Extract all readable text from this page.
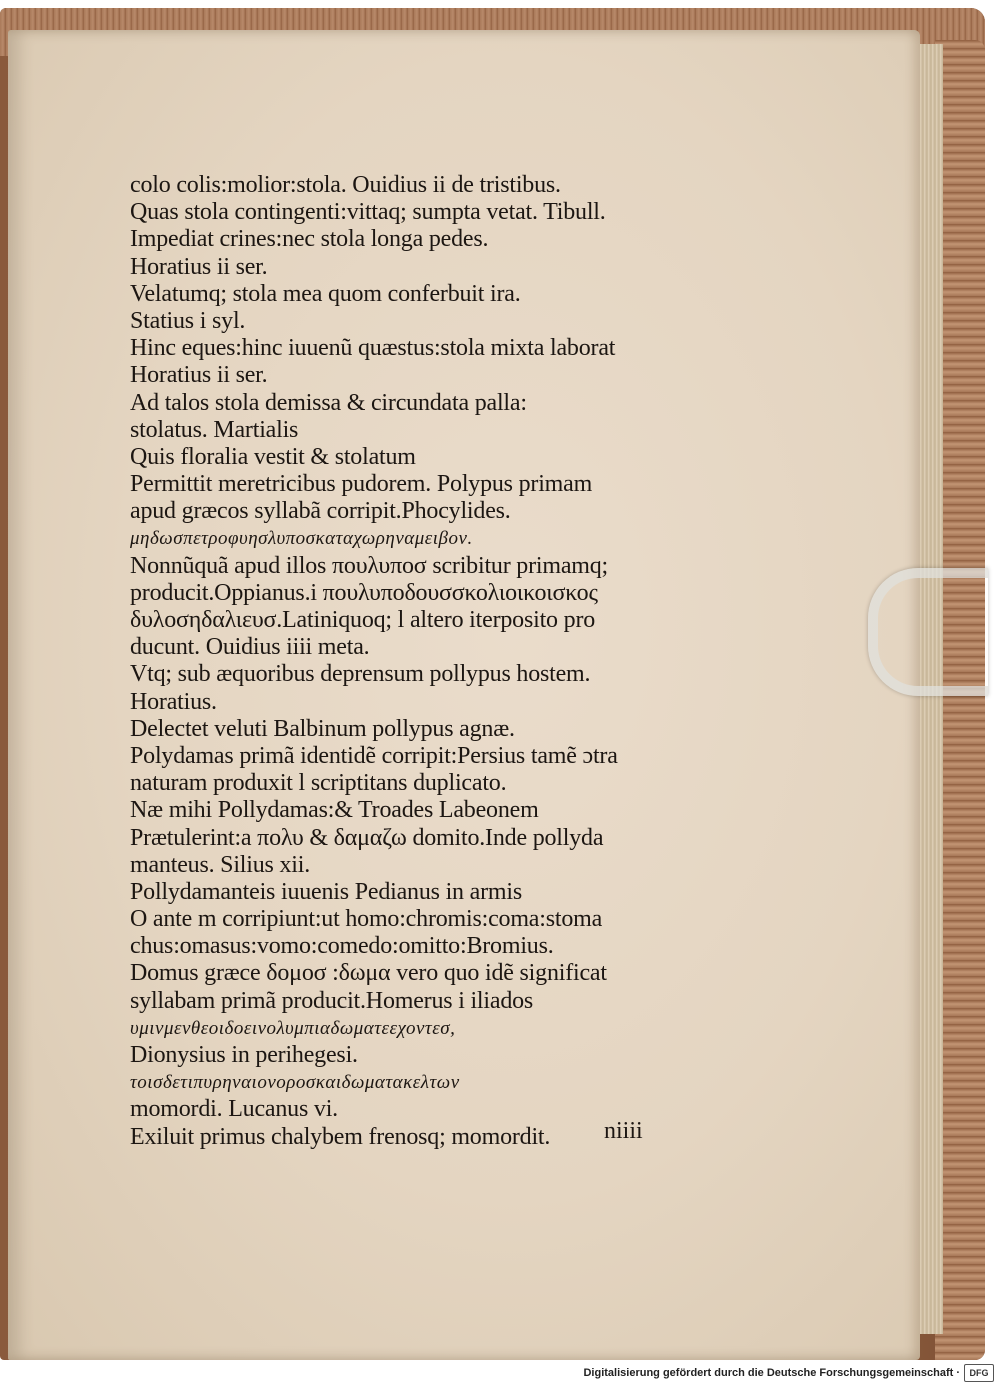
colo colis:molior:stola. Ouidius ii de tristibus.
Quas stola contingenti:vittaq; sumpta vetat. Tibull.
Impediat crines:nec stola longa pedes.
Horatius ii ser.
Velatumq; stola mea quom conferbuit ira.
Statius i syl.
Hinc eques:hinc iuuenũ quæstus:stola mixta laborat
Horatius ii ser.
Ad talos stola demissa & circundata palla:
stolatus. Martialis
Quis floralia vestit & stolatum
Permittit meretricibus pudorem. Polypus primam
apud græcos syllabã corripit.Phocylides.
μηδωσπετροφυησλυποσκαταχωρηναμειβον.
Nonnũquã apud illos πουλυποσ scribitur primamq;
producit.Oppianus.i πουλυποδουσσκολιοικοισκος
δυλοσηδαλιευσ.Latiniquoq; l altero iterposito pro
ducunt. Ouidius iiii meta.
Vtq; sub æquoribus deprensum pollypus hostem.
Horatius.
Delectet veluti Balbinum pollypus agnæ.
Polydamas primã identidẽ corripit:Persius tamẽ ɔtra
naturam produxit l scriptitans duplicato.
Næ mihi Pollydamas:& Troades Labeonem
Prætulerint:a πολυ & δαμαζω domito.Inde pollyda
manteus. Silius xii.
Pollydamanteis iuuenis Pedianus in armis
O ante m corripiunt:ut homo:chromis:coma:stoma
chus:omasus:vomo:comedo:omitto:Bromius.
Domus græce δομοσ :δωμα vero quo idẽ significat
syllabam primã producit.Homerus i iliados
υμινμενθεοιδοεινολυμπιαδωματεεχοντεσ,
Dionysius in perihegesi.
τοισδετιπυρηναιονοροσκαιδωματακελτων
momordi. Lucanus vi.
Exiluit primus chalybem frenosq; momordit.	niiii
Digitalisierung gefördert durch die Deutsche Forschungsgemeinschaft ·	DFG
